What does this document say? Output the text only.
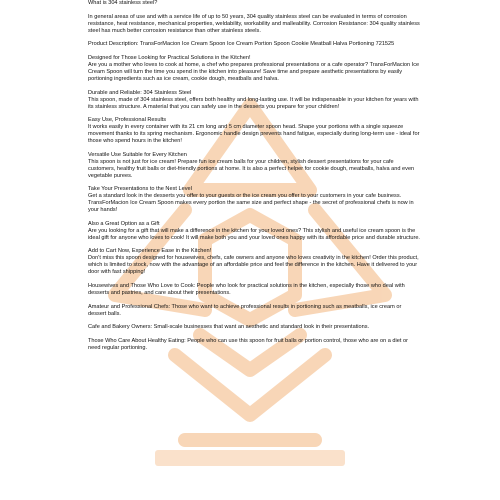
What is 304 stainless steel?

In general areas of use and with a service life of up to 50 years, 304 quality stainless steel can be evaluated in terms of corrosion resistance, heat resistance, mechanical properties, weldability, workability and malleability. Corrosion Resistance: 304 quality stainless steel has much better corrosion resistance than other stainless steels.

Product Description: TransForMacion Ice Cream Spoon Ice Cream Portion Spoon Cookie Meatball Halva Portioning 721525

Designed for Those Looking for Practical Solutions in the Kitchen!
Are you a mother who loves to cook at home, a chef who prepares professional presentations or a cafe operator? TransForMacion Ice Cream Spoon will turn the time you spend in the kitchen into pleasure! Save time and prepare aesthetic presentations by easily portioning ingredients such as ice cream, cookie dough, meatballs and halva.
Durable and Reliable: 304 Stainless Steel
This spoon, made of 304 stainless steel, offers both healthy and long-lasting use. It will be indispensable in your kitchen for years with its stainless structure. A material that you can safely use in the desserts you prepare for your children!
Easy Use, Professional Results
It works easily in every container with its 21 cm long and 5 cm diameter spoon head. Shape your portions with a single squeeze movement thanks to its spring mechanism. Ergonomic handle design prevents hand fatigue, especially during long-term use - ideal for those who spend hours in the kitchen!
Versatile Use Suitable for Every Kitchen
This spoon is not just for ice cream! Prepare fun ice cream balls for your children, stylish dessert presentations for your cafe customers, healthy fruit balls or diet-friendly portions at home. It is also a perfect helper for cookie dough, meatballs, halva and even vegetable purees.
Take Your Presentations to the Next Level
Get a standard look in the desserts you offer to your guests or the ice cream you offer to your customers in your cafe business. TransForMacion Ice Cream Spoon makes every portion the same size and perfect shape - the secret of professional chefs is now in your hands!
Also a Great Option as a Gift
Are you looking for a gift that will make a difference in the kitchen for your loved ones? This stylish and useful ice cream spoon is the ideal gift for anyone who loves to cook! It will make both you and your loved ones happy with its affordable price and durable structure.
Add to Cart Now, Experience Ease in the Kitchen!
Don't miss this spoon designed for housewives, chefs, cafe owners and anyone who loves creativity in the kitchen! Order this product, which is limited to stock, now with the advantage of an affordable price and feel the difference in the kitchen. Have it delivered to your door with fast shipping!

Housewives and Those Who Love to Cook: People who look for practical solutions in the kitchen, especially those who deal with desserts and pastries, and care about their presentations.

Amateur and Professional Chefs: Those who want to achieve professional results in portioning such as meatballs, ice cream or dessert balls.

Cafe and Bakery Owners: Small-scale businesses that want an aesthetic and standard look in their presentations.

Those Who Care About Healthy Eating: People who can use this spoon for fruit balls or portion control, those who are on a diet or need regular portioning.
